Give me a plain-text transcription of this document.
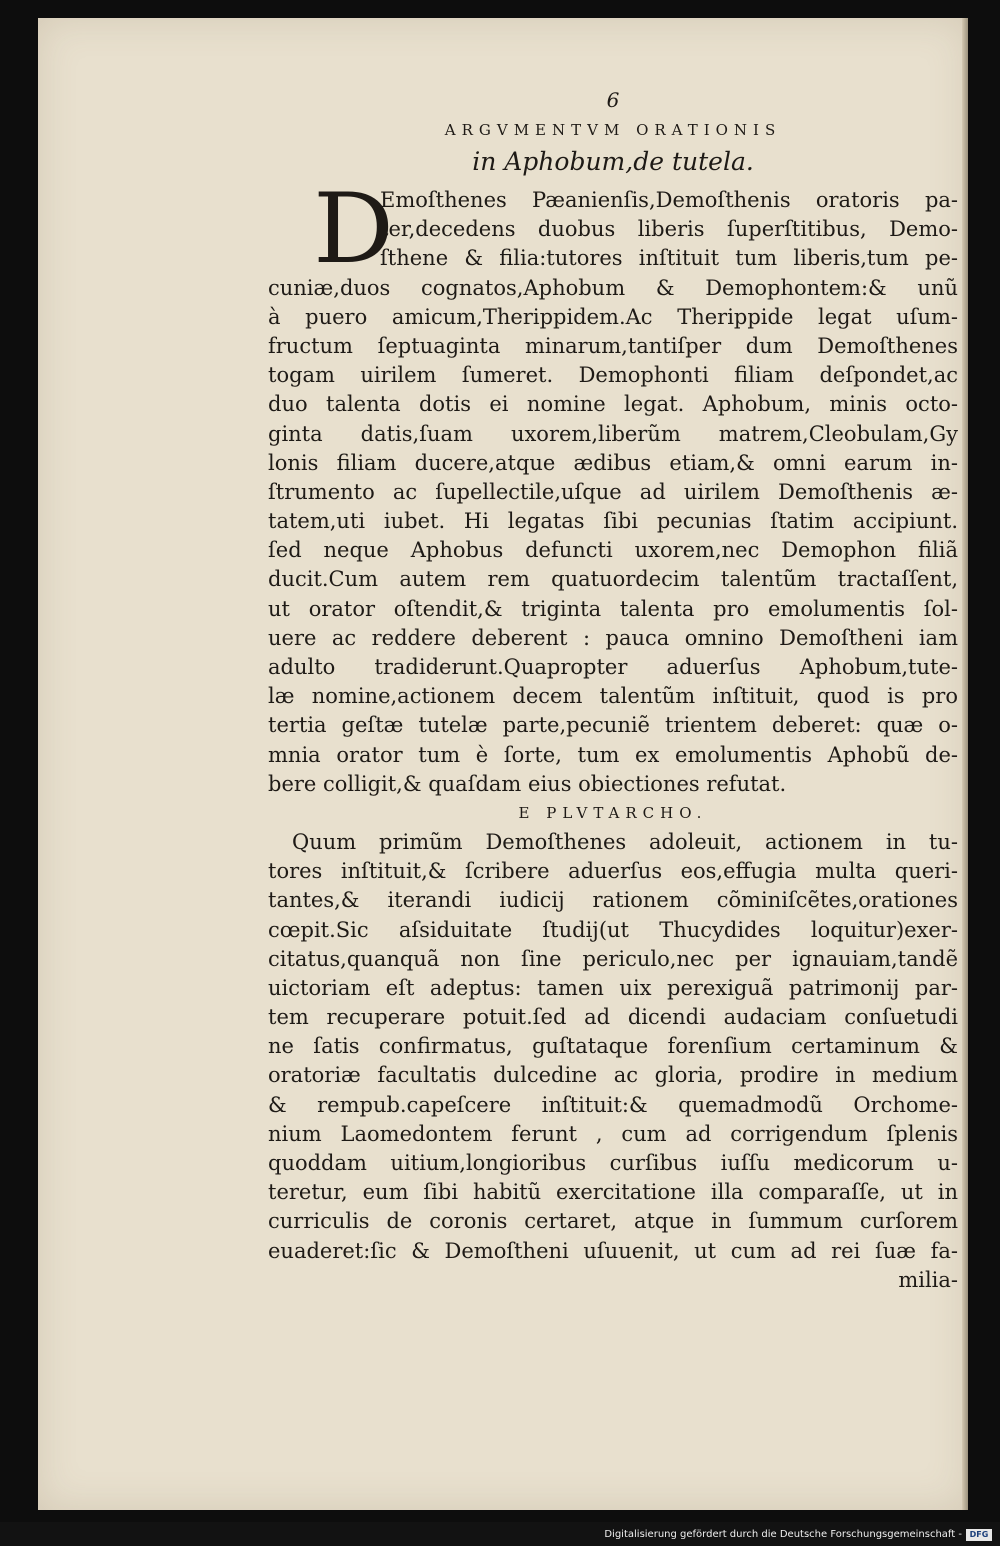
6
ARGVMENTVM ORATIONIS
in Aphobum,de tutela.
D
Emoſthenes Pæanienſis,Demoſthenis oratoris pa-
ter,decedens duobus liberis ſuperſtitibus, Demo-
ſthene & filia:tutores inſtituit tum liberis,tum pe-
cuniæ,duos cognatos,Aphobum & Demophontem:& unũ
à puero amicum,Therippidem.Ac Therippide legat uſum-
fructum ſeptuaginta minarum,tantiſper dum Demoſthenes
togam uirilem ſumeret. Demophonti filiam deſpondet,ac
duo talenta dotis ei nomine legat. Aphobum, minis octo-
ginta datis,ſuam uxorem,liberũm matrem,Cleobulam,Gy
lonis filiam ducere,atque ædibus etiam,& omni earum in-
ſtrumento ac ſupellectile,uſque ad uirilem Demoſthenis æ-
tatem,uti iubet. Hi legatas ſibi pecunias ſtatim accipiunt.
ſed neque Aphobus defuncti uxorem,nec Demophon filiã
ducit.Cum autem rem quatuordecim talentũm tractaſſent,
ut orator oſtendit,& triginta talenta pro emolumentis ſol-
uere ac reddere deberent : pauca omnino Demoſtheni iam
adulto tradiderunt.Quapropter aduerſus Aphobum,tute-
læ nomine,actionem decem talentũm inſtituit, quod is pro
tertia geſtæ tutelæ parte,pecuniẽ trientem deberet: quæ o-
mnia orator tum è ſorte, tum ex emolumentis Aphobũ de-
bere colligit,& quaſdam eius obiectiones refutat.
E PLVTARCHO.
Quum primũm Demoſthenes adoleuit, actionem in tu-
tores inſtituit,& ſcribere aduerſus eos,effugia multa queri-
tantes,& iterandi iudicij rationem cõminiſcẽtes,orationes
cœpit.Sic aſsiduitate ſtudij(ut Thucydides loquitur)exer-
citatus,quanquã non ſine periculo,nec per ignauiam,tandẽ
uictoriam eſt adeptus: tamen uix perexiguã patrimonij par-
tem recuperare potuit.ſed ad dicendi audaciam conſuetudi
ne ſatis confirmatus, guſtataque forenſium certaminum &
oratoriæ facultatis dulcedine ac gloria, prodire in medium
& rempub.capeſcere inſtituit:& quemadmodũ Orchome-
nium Laomedontem ferunt , cum ad corrigendum ſplenis
quoddam uitium,longioribus curſibus iuſſu medicorum u-
teretur, eum ſibi habitũ exercitatione illa comparaſſe, ut in
curriculis de coronis certaret, atque in ſummum curſorem
euaderet:ſic & Demoſtheni uſuuenit, ut cum ad rei ſuæ fa-
milia-
Digitalisierung gefördert durch die Deutsche Forschungsgemeinschaft - DFG
